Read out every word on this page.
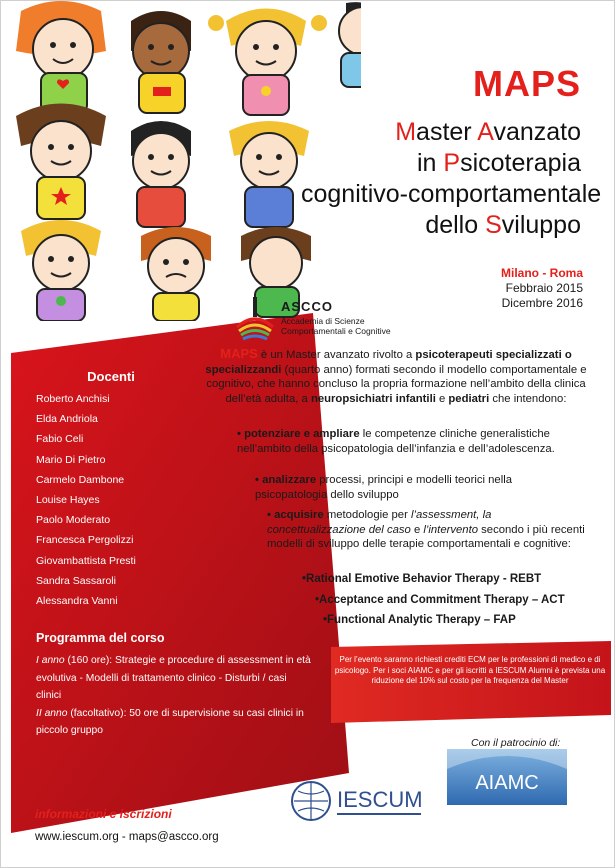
MAPS
Master Avanzato
in Psicoterapia
cognitivo-comportamentale
dello Sviluppo
Milano - Roma
Febbraio 2015
Dicembre 2016
ASCCO
Accademia di Scienze
Comportamentali e Cognitive
MAPS è un Master avanzato rivolto a psicoterapeuti specializzati o specializzandi (quarto anno) formati secondo il modello comportamentale e cognitivo, che hanno concluso la propria formazione nell’ambito della clinica dell’età adulta, a neuropsichiatri infantili e pediatri che intendono:
• potenziare e ampliare le competenze cliniche generalistiche nell’ambito della psicopatologia dell’infanzia e dell’adolescenza.
• analizzare processi, principi e modelli teorici nella psicopatologia dello sviluppo
• acquisire metodologie per l’assessment, la concettualizzazione del caso e l’intervento secondo i più recenti modelli di sviluppo delle terapie comportamentali e cognitive:
•Rational Emotive Behavior Therapy - REBT
•Acceptance and Commitment Therapy – ACT
•Functional Analytic Therapy – FAP
Docenti
Roberto Anchisi
Elda Andriola
Fabio Celi
Mario Di Pietro
Carmelo Dambone
Louise Hayes
Paolo Moderato
Francesca Pergolizzi
Giovambattista Presti
Sandra Sassaroli
Alessandra Vanni
Programma del corso
I anno (160 ore): Strategie e procedure di assessment in età evolutiva - Modelli di trattamento clinico - Disturbi / casi clinici
II anno (facoltativo): 50 ore di supervisione su casi clinici in piccolo gruppo
Per l’evento saranno richiesti crediti ECM per le professioni di medico e di psicologo. Per i soci AIAMC e per gli iscritti a IESCUM Alumni è prevista una riduzione del 10% sul costo per la frequenza del Master
Con il patrocinio di:
AIAMC
IESCUM
informazioni e iscrizioni
www.iescum.org - maps@ascco.org
